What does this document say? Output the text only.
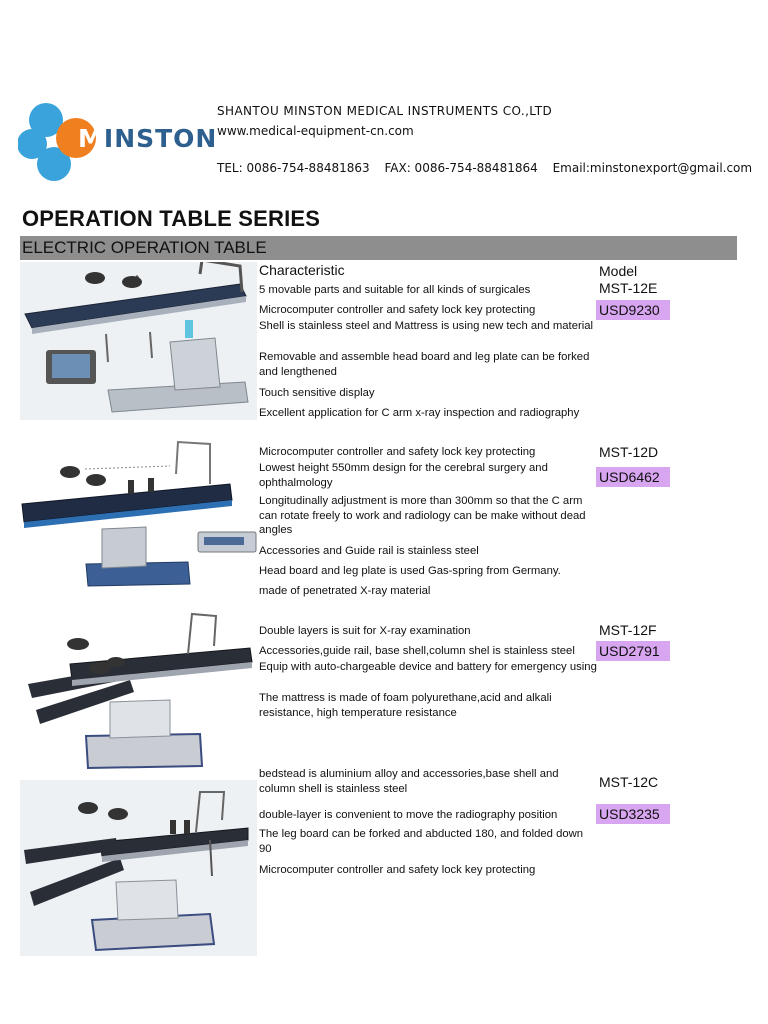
MINSTON
SHANTOU MINSTON MEDICAL INSTRUMENTS CO.,LTD
www.medical-equipment-cn.com
TEL: 0086-754-88481863 FAX: 0086-754-88481864 Email:minstonexport@gmail.com
OPERATION TABLE SERIES
ELECTRIC OPERATION TABLE
Characteristic	Model
5 movable parts and suitable for all kinds of surgicales
Microcomputer controller and safety lock key protecting
Shell is stainless steel and Mattress is using new tech and material
Removable and assemble head board and leg plate can be forked and lengthened
Touch sensitive display
Excellent application for C arm x-ray inspection and radiography
MST-12E
USD9230
Microcomputer controller and safety lock key protecting
Lowest height 550mm design for the cerebral surgery and ophthalmology
Longitudinally adjustment is more than 300mm so that the C arm can rotate freely to work and radiology can be make without dead angles
Accessories and Guide rail is stainless steel
Head board and leg plate is used Gas-spring from Germany.
made of penetrated X-ray material
MST-12D
USD6462
Double layers is suit for X-ray examination
Accessories,guide rail, base shell,column shel is stainless steel
Equip with auto-chargeable device and battery for emergency using
The mattress is made of foam polyurethane,acid and alkali resistance, high temperature resistance
MST-12F
USD2791
bedstead is aluminium alloy and accessories,base shell and column shell is stainless steel
double-layer is convenient to move the radiography position
The leg board can be forked and abducted 180, and folded down 90
Microcomputer controller and safety lock key protecting
MST-12C
USD3235
